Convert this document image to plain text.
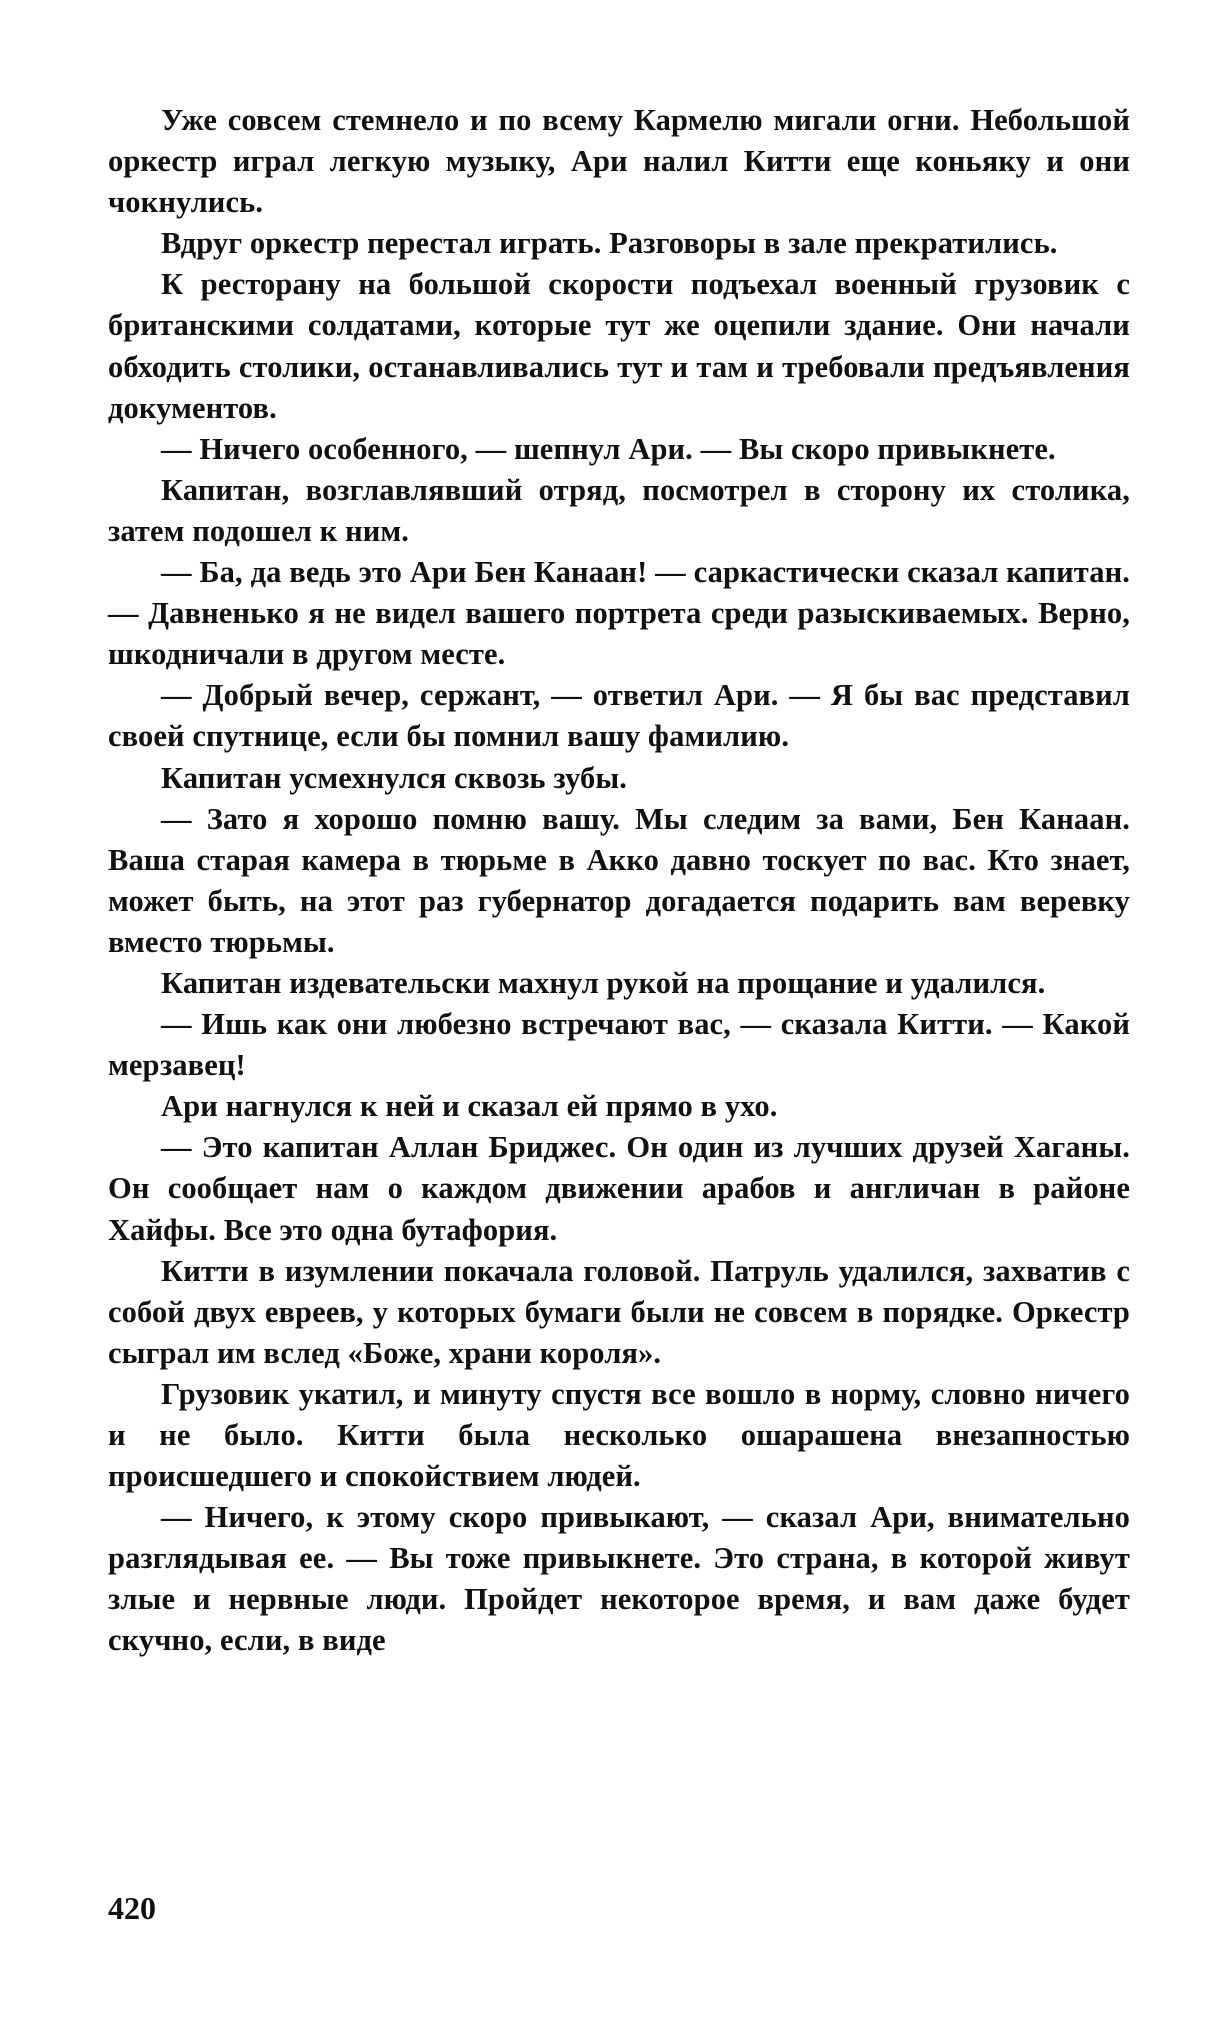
Уже совсем стемнело и по всему Кармелю мигали огни. Небольшой оркестр играл легкую музыку, Ари налил Китти еще коньяку и они чокнулись.

Вдруг оркестр перестал играть. Разговоры в зале прекратились.

К ресторану на большой скорости подъехал военный грузовик с британскими солдатами, которые тут же оцепили здание. Они начали обходить столики, останавливались тут и там и требовали предъявления документов.

— Ничего особенного, — шепнул Ари. — Вы скоро привыкнете.

Капитан, возглавлявший отряд, посмотрел в сторону их столика, затем подошел к ним.

— Ба, да ведь это Ари Бен Канаан! — саркастически сказал капитан. — Давненько я не видел вашего портрета среди разыскиваемых. Верно, шкодничали в другом месте.

— Добрый вечер, сержант, — ответил Ари. — Я бы вас представил своей спутнице, если бы помнил вашу фамилию.

Капитан усмехнулся сквозь зубы.

— Зато я хорошо помню вашу. Мы следим за вами, Бен Канаан. Ваша старая камера в тюрьме в Акко давно тоскует по вас. Кто знает, может быть, на этот раз губернатор догадается подарить вам веревку вместо тюрьмы.

Капитан издевательски махнул рукой на прощание и удалился.

— Ишь как они любезно встречают вас, — сказала Китти. — Какой мерзавец!

Ари нагнулся к ней и сказал ей прямо в ухо.

— Это капитан Аллан Бриджес. Он один из лучших друзей Хаганы. Он сообщает нам о каждом движении арабов и англичан в районе Хайфы. Все это одна бутафория.

Китти в изумлении покачала головой. Патруль удалился, захватив с собой двух евреев, у которых бумаги были не совсем в порядке. Оркестр сыграл им вслед «Боже, храни короля».

Грузовик укатил, и минуту спустя все вошло в норму, словно ничего и не было. Китти была несколько ошарашена внезапностью происшедшего и спокойствием людей.

— Ничего, к этому скоро привыкают, — сказал Ари, внимательно разглядывая ее. — Вы тоже привыкнете. Это страна, в которой живут злые и нервные люди. Пройдет некоторое время, и вам даже будет скучно, если, в виде

420
